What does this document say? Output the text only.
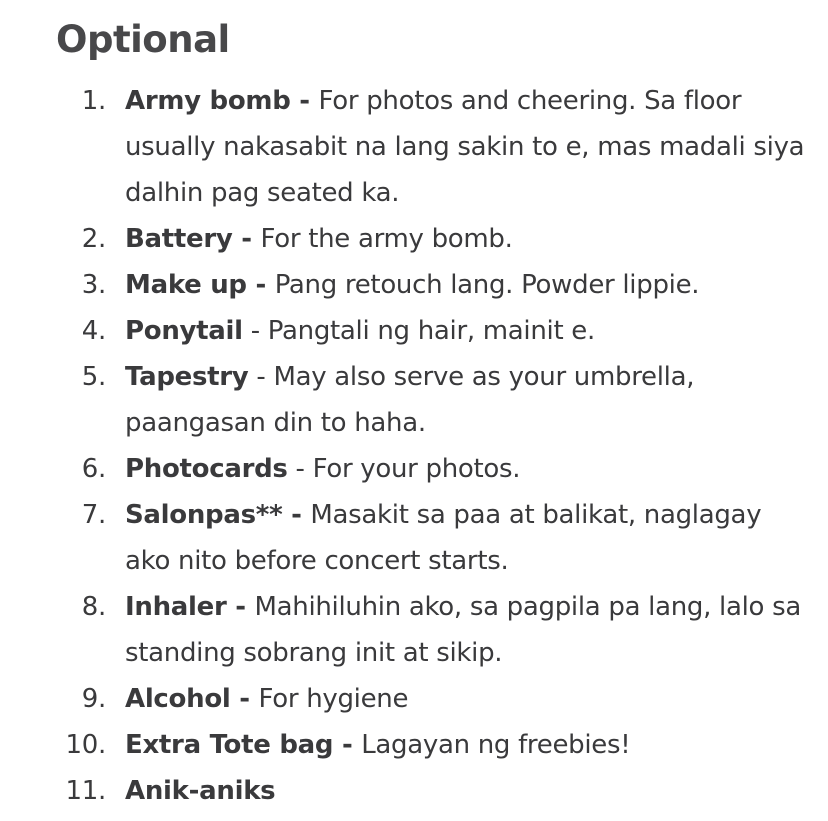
Optional
1. Army bomb - For photos and cheering. Sa floor usually nakasabit na lang sakin to e, mas madali siya dalhin pag seated ka.
2. Battery - For the army bomb.
3. Make up - Pang retouch lang. Powder lippie.
4. Ponytail - Pangtali ng hair, mainit e.
5. Tapestry - May also serve as your umbrella, paangasan din to haha.
6. Photocards - For your photos.
7. Salonpas** - Masakit sa paa at balikat, naglagay ako nito before concert starts.
8. Inhaler - Mahihiluhin ako, sa pagpila pa lang, lalo sa standing sobrang init at sikip.
9. Alcohol - For hygiene
10. Extra Tote bag - Lagayan ng freebies!
11. Anik-aniks
